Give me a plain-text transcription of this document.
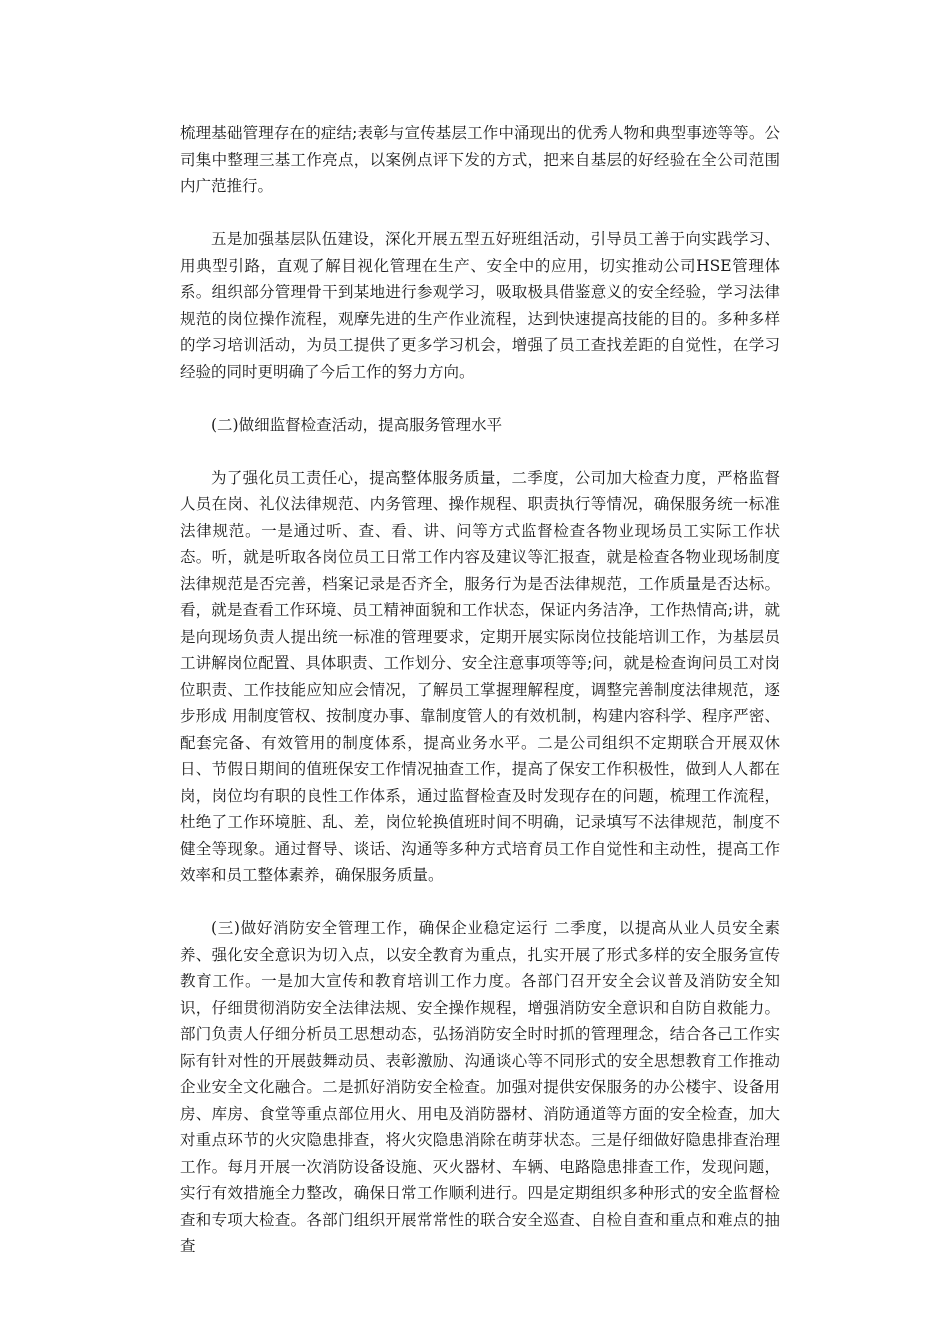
梳理基础管理存在的症结;表彰与宣传基层工作中涌现出的优秀人物和典型事迹等等。公司集中整理三基工作亮点，以案例点评下发的方式，把来自基层的好经验在全公司范围内广范推行。

五是加强基层队伍建设，深化开展五型五好班组活动，引导员工善于向实践学习、用典型引路，直观了解目视化管理在生产、安全中的应用，切实推动公司HSE管理体系。组织部分管理骨干到某地进行参观学习，吸取极具借鉴意义的安全经验，学习法律规范的岗位操作流程，观摩先进的生产作业流程，达到快速提高技能的目的。多种多样的学习培训活动，为员工提供了更多学习机会，增强了员工查找差距的自觉性，在学习经验的同时更明确了今后工作的努力方向。

(二)做细监督检查活动，提高服务管理水平

为了强化员工责任心，提高整体服务质量，二季度，公司加大检查力度，严格监督人员在岗、礼仪法律规范、内务管理、操作规程、职责执行等情况，确保服务统一标准法律规范。一是通过听、查、看、讲、问等方式监督检查各物业现场员工实际工作状态。听，就是听取各岗位员工日常工作内容及建议等汇报查，就是检查各物业现场制度法律规范是否完善，档案记录是否齐全，服务行为是否法律规范，工作质量是否达标。看，就是查看工作环境、员工精神面貌和工作状态，保证内务洁净，工作热情高;讲，就是向现场负责人提出统一标准的管理要求，定期开展实际岗位技能培训工作，为基层员工讲解岗位配置、具体职责、工作划分、安全注意事项等等;问，就是检查询问员工对岗位职责、工作技能应知应会情况，了解员工掌握理解程度，调整完善制度法律规范，逐步形成 用制度管权、按制度办事、靠制度管人的有效机制，构建内容科学、程序严密、配套完备、有效管用的制度体系，提高业务水平。二是公司组织不定期联合开展双休日、节假日期间的值班保安工作情况抽查工作，提高了保安工作积极性，做到人人都在岗，岗位均有职的良性工作体系，通过监督检查及时发现存在的问题，梳理工作流程，杜绝了工作环境脏、乱、差，岗位轮换值班时间不明确，记录填写不法律规范，制度不健全等现象。通过督导、谈话、沟通等多种方式培育员工作自觉性和主动性，提高工作效率和员工整体素养，确保服务质量。

(三)做好消防安全管理工作，确保企业稳定运行 二季度，以提高从业人员安全素养、强化安全意识为切入点，以安全教育为重点，扎实开展了形式多样的安全服务宣传教育工作。一是加大宣传和教育培训工作力度。各部门召开安全会议普及消防安全知识，仔细贯彻消防安全法律法规、安全操作规程，增强消防安全意识和自防自救能力。部门负责人仔细分析员工思想动态，弘扬消防安全时时抓的管理理念，结合各己工作实际有针对性的开展鼓舞动员、表彰激励、沟通谈心等不同形式的安全思想教育工作推动企业安全文化融合。二是抓好消防安全检查。加强对提供安保服务的办公楼宇、设备用房、库房、食堂等重点部位用火、用电及消防器材、消防通道等方面的安全检查，加大对重点环节的火灾隐患排查，将火灾隐患消除在萌芽状态。三是仔细做好隐患排查治理工作。每月开展一次消防设备设施、灭火器材、车辆、电路隐患排查工作，发现问题，实行有效措施全力整改，确保日常工作顺利进行。四是定期组织多种形式的安全监督检查和专项大检查。各部门组织开展常常性的联合安全巡查、自检自查和重点和难点的抽查
